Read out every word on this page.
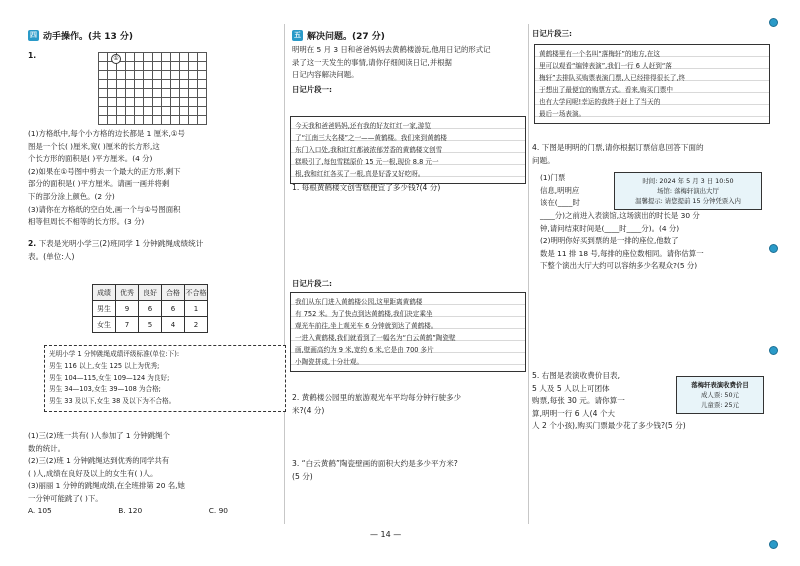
四 动手操作。(共 13 分)
1.	①

(1)方格纸中,每个小方格的边长都是 1 厘米,①号

图是一个长( )厘米,宽( )厘米的长方形,这

个长方形的面积是( )平方厘米。(4 分)

(2)如果在①号图中剪去一个最大的正方形,剩下

部分的面积是( )平方厘米。请画一画并将剩

下的部分涂上颜色。(2 分)

(3)请你在方格纸的空白处,画一个与①号图面积

相等但周长不相等的长方形。(3 分)

2. 下表是光明小学三(2)班同学 1 分钟跳绳成绩统计

表。(单位:人)

成绩	优秀	良好	合格	不合格
男生	9	6	6	1
女生	7	5	4	2
光明小学 1 分钟跳绳成绩评级标准(单位:下):
男生 116 以上,女生 125 以上为优秀;
男生 104—115,女生 109—124 为良好;
男生 34—103,女生 39—108 为合格;
男生 33 及以下,女生 38 及以下为不合格。

(1)三(2)班一共有( )人参加了 1 分钟跳绳个

数的统计。

(2)三(2)班 1 分钟跳绳达到优秀的同学共有

( )人,成绩在良好及以上的女生有( )人。

(3)丽丽 1 分钟的跳绳成绩,在全班排第 20 名,她

一分钟可能跳了( )下。

A. 105	B. 120	C. 90
五 解决问题。(27 分)

明明在 5 月 3 日和爸爸妈妈去黄鹤楼游玩,他用日记的形式记

录了这一天发生的事情,请你仔细阅读日记,并根据

日记内容解决问题。

日记片段一:

今天我和爸爸妈妈,还有我的好友红红一家,游览
了“江南三大名楼”之一——黄鹤楼。我们来到黄鹤楼
东门入口处,我和红红都被浓郁芳香的黄鹤楼文创雪
糕吸引了,每包雪糕原价 15 元一根,现价 8.8 元一
根,我和红红各买了一根,真是好香又好吃呀。

1. 每根黄鹤楼文创雪糕便宜了多少钱?(4 分)

日记片段二:

我们从东门进入黄鹤楼公园,这里距离黄鹤楼
有 752 米。为了快点到达黄鹤楼,我们决定乘坐
观光车前往,坐上观光车 6 分钟就到达了黄鹤楼。
一进入黄鹤楼,我们就看到了一幅名为“白云黄鹤”陶瓷壁
画,壁画高约为 9 米,宽约 6 米,它是由 700 多片
小陶瓷拼成,十分壮观。

2. 黄鹤楼公园里的旅游观光车平均每分钟行驶多少

米?(4 分)

3. “白云黄鹤”陶瓷壁画的面积大约是多少平方米?

(5 分)

日记片段三:

黄鹤楼里有一个名叫“落梅轩”的地方,在这
里可以观看“编钟表演”,我们一行 6 人赶到“落
梅轩”去排队买购票表演门票,人已经排得很长了,终
于想出了最便宜的购票方式。看来,购买门票中
也有大学问呢!幸运的我终于赶上了当天的
最后一场表演。

4. 下图是明明的门票,请你根据订票信息回答下面的

问题。

时间: 2024 年 5 月 3 日 10:50
场馆: 落梅轩演出大厅
温馨提示: 请您提前 15 分钟凭票入内

(1)门票

信息,明明应

该在(____时

____分)之前进入表演馆,这场演出的时长是 30 分

钟,请问结束时间是(____时____分)。(4 分)

(2)明明你好买到票的是一排的座位,他数了

数是 11 排 18 号,每排的座位数相同。请你估算一

下整个演出大厅大约可以容纳多少名观众?(5 分)

5. 右图是表演收费价目表,

5 人及 5 人以上可团体

购票,每张 30 元。请你算一

算,明明一行 6 人(4 个大

人 2 个小孩),购买门票最少花了多少钱?(5 分)

落梅轩表演收费价目
成人票: 50元
儿童票: 25元
— 14 —
